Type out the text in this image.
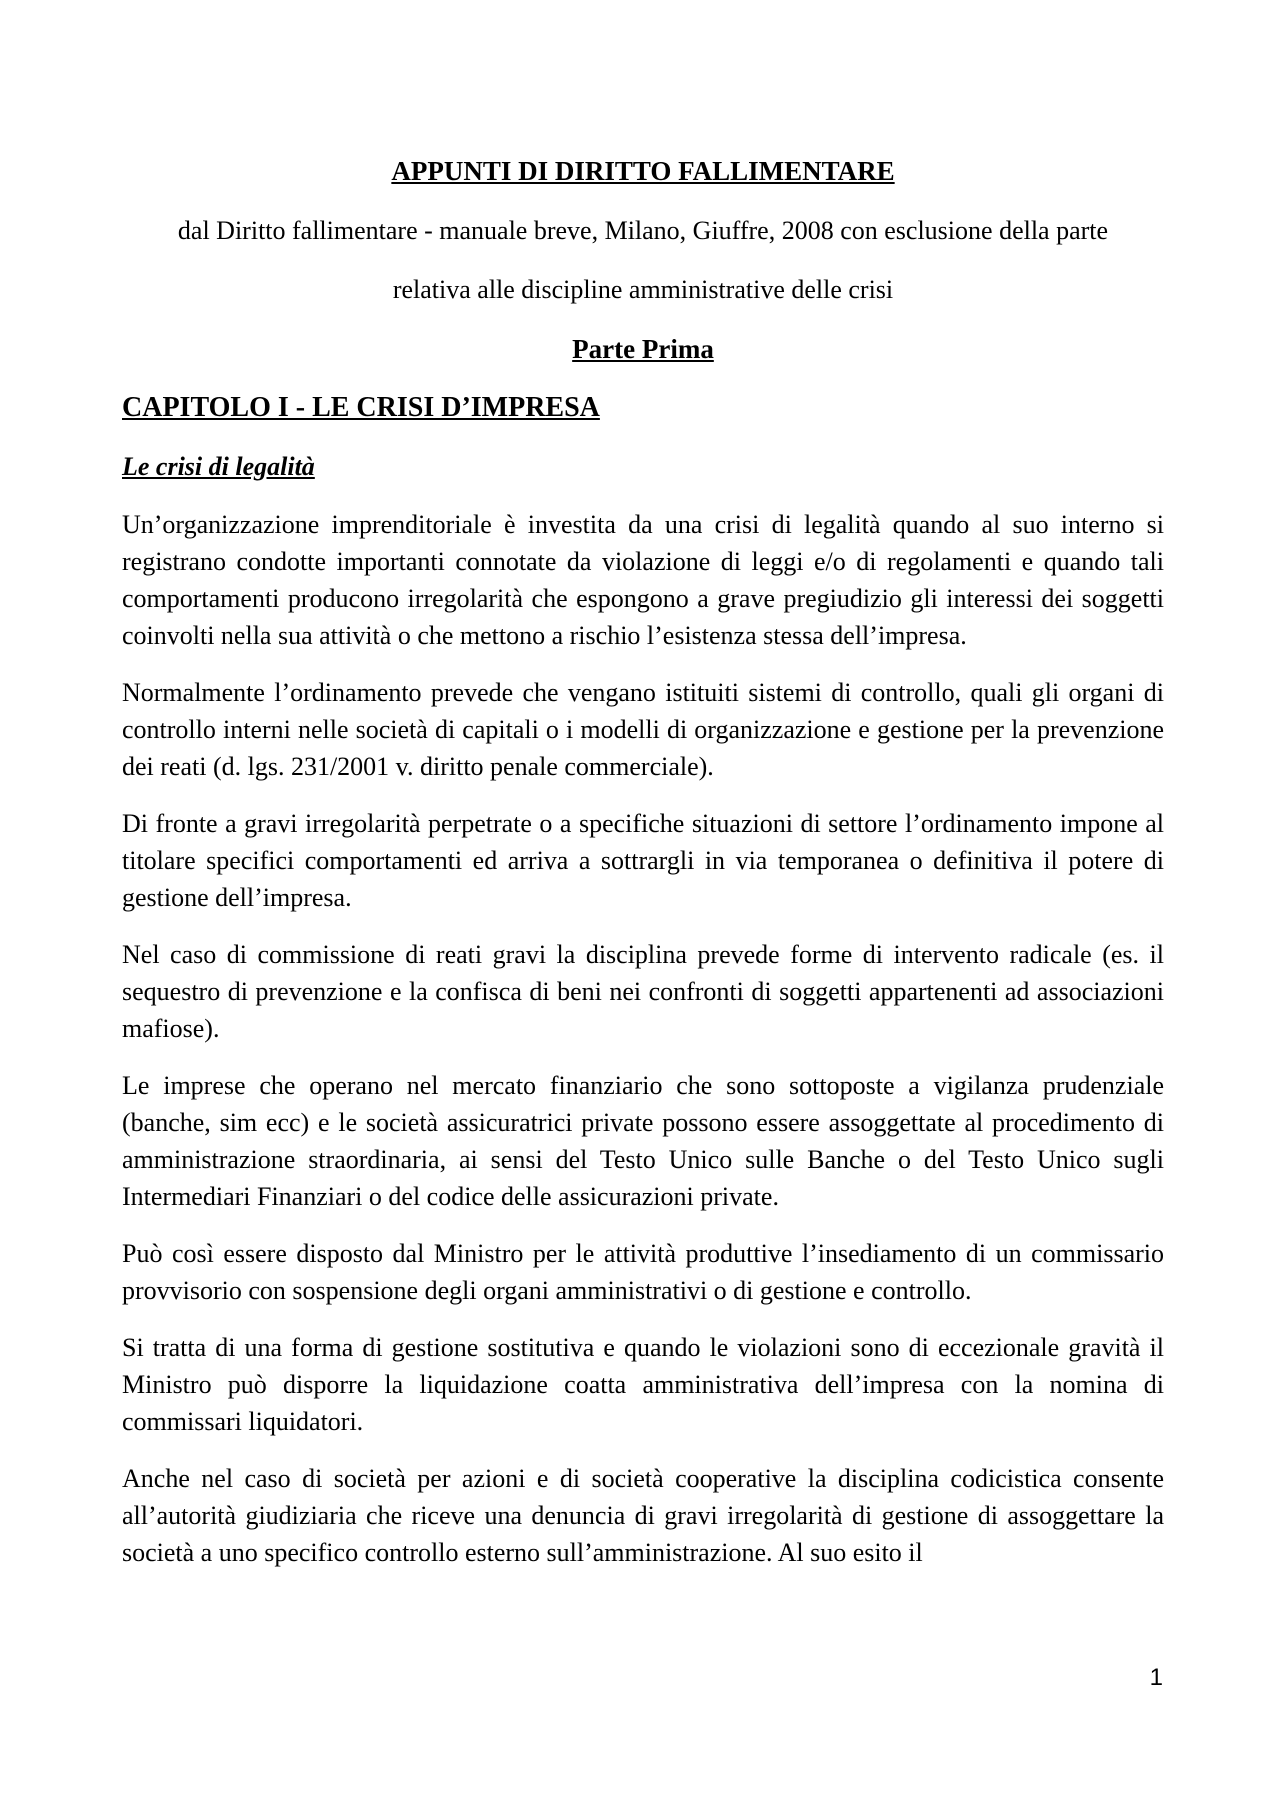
APPUNTI DI DIRITTO FALLIMENTARE

dal Diritto fallimentare - manuale breve, Milano, Giuffre, 2008 con esclusione della parte

relativa alle discipline amministrative delle crisi

Parte Prima
CAPITOLO I - LE CRISI D’IMPRESA
Le crisi di legalità

Un’organizzazione imprenditoriale è investita da una crisi di legalità quando al suo interno si registrano condotte importanti connotate da violazione di leggi e/o di regolamenti e quando tali comportamenti producono irregolarità che espongono a grave pregiudizio gli interessi dei soggetti coinvolti nella sua attività o che mettono a rischio l’esistenza stessa dell’impresa.

Normalmente l’ordinamento prevede che vengano istituiti sistemi di controllo, quali gli organi di controllo interni nelle società di capitali o i modelli di organizzazione e gestione per la prevenzione dei reati (d. lgs. 231/2001 v. diritto penale commerciale).

Di fronte a gravi irregolarità perpetrate o a specifiche situazioni di settore l’ordinamento impone al titolare specifici comportamenti ed arriva a sottrargli in via temporanea o definitiva il potere di gestione dell’impresa.

Nel caso di commissione di reati gravi la disciplina prevede forme di intervento radicale (es. il sequestro di prevenzione e la confisca di beni nei confronti di soggetti appartenenti ad associazioni mafiose).

Le imprese che operano nel mercato finanziario che sono sottoposte a vigilanza prudenziale (banche, sim ecc) e le società assicuratrici private possono essere assoggettate al procedimento di amministrazione straordinaria, ai sensi del Testo Unico sulle Banche o del Testo Unico sugli Intermediari Finanziari o del codice delle assicurazioni private.

Può così essere disposto dal Ministro per le attività produttive l’insediamento di un commissario provvisorio con sospensione degli organi amministrativi o di gestione e controllo.

Si tratta di una forma di gestione sostitutiva e quando le violazioni sono di eccezionale gravità il Ministro può disporre la liquidazione coatta amministrativa dell’impresa con la nomina di commissari liquidatori.

Anche nel caso di società per azioni e di società cooperative la disciplina codicistica consente all’autorità giudiziaria che riceve una denuncia di gravi irregolarità di gestione di assoggettare la società a uno specifico controllo esterno sull’amministrazione. Al suo esito il

1
